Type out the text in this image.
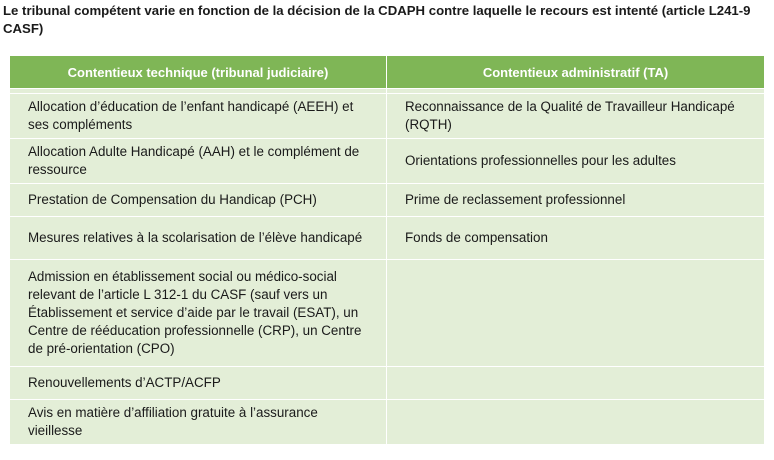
Le tribunal compétent varie en fonction de la décision de la CDAPH contre laquelle le recours est intenté (article L241-9 CASF)
Contentieux technique (tribunal judiciaire)	Contentieux administratif (TA)

Allocation d’éducation de l’enfant handicapé (AEEH) et ses compléments	Reconnaissance de la Qualité de Travailleur Handicapé (RQTH)
Allocation Adulte Handicapé (AAH) et le complément de ressource	Orientations professionnelles pour les adultes
Prestation de Compensation du Handicap (PCH)	Prime de reclassement professionnel
Mesures relatives à la scolarisation de l’élève handicapé	Fonds de compensation
Admission en établissement social ou médico-social relevant de l’article L 312-1 du CASF (sauf vers un Établissement et service d’aide par le travail (ESAT), un Centre de rééducation professionnelle (CRP), un Centre de pré-orientation (CPO)	
Renouvellements d’ACTP/ACFP	
Avis en matière d’affiliation gratuite à l’assurance vieillesse	
